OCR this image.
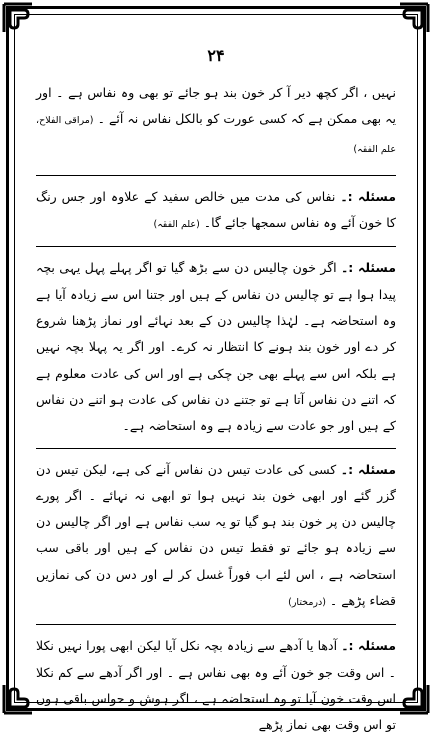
۲۴

نہیں ، اگر کچھ دیر آ کر خون بند ہو جائے تو بھی وہ نفاس ہے ۔ اور یہ بھی ممکن ہے کہ کسی عورت کو بالکل نفاس نہ آئے ۔ (مراقی الفلاح، علم الفقہ)

مسئلہ :۔ نفاس کی مدت میں خالص سفید کے علاوہ اور جس رنگ کا خون آئے وہ نفاس سمجھا جائے گا۔ (علم الفقہ)

مسئلہ :۔ اگر خون چالیس دن سے بڑھ گیا تو اگر پہلے پہل یہی بچہ پیدا ہوا ہے تو چالیس دن نفاس کے ہیں اور جتنا اس سے زیادہ آیا ہے وہ استحاضہ ہے۔ لہٰذا چالیس دن کے بعد نہائے اور نماز پڑھنا شروع کر دے اور خون بند ہونے کا انتظار نہ کرے۔ اور اگر یہ پہلا بچہ نہیں ہے بلکہ اس سے پہلے بھی جن چکی ہے اور اس کی عادت معلوم ہے کہ اتنے دن نفاس آتا ہے تو جتنے دن نفاس کی عادت ہو اتنے دن نفاس کے ہیں اور جو عادت سے زیادہ ہے وہ استحاضہ ہے۔

مسئلہ :۔ کسی کی عادت تیس دن نفاس آنے کی ہے، لیکن تیس دن گزر گئے اور ابھی خون بند نہیں ہوا تو ابھی نہ نہائے ۔ اگر پورے چالیس دن پر خون بند ہو گیا تو یہ سب نفاس ہے اور اگر چالیس دن سے زیادہ ہو جائے تو فقط تیس دن نفاس کے ہیں اور باقی سب استحاضہ ہے ، اس لئے اب فوراً غسل کر لے اور دس دن کی نمازیں قضاء پڑھے ۔ (درمختار)

مسئلہ :۔ آدھا یا آدھے سے زیادہ بچہ نکل آیا لیکن ابھی پورا نہیں نکلا ۔ اس وقت جو خون آئے وہ بھی نفاس ہے ۔ اور اگر آدھے سے کم نکلا اس وقت خون آیا تو وہ استحاضہ ہے ، اگر ہوش و حواس باقی ہوں تو اس وقت بھی نماز پڑھے
